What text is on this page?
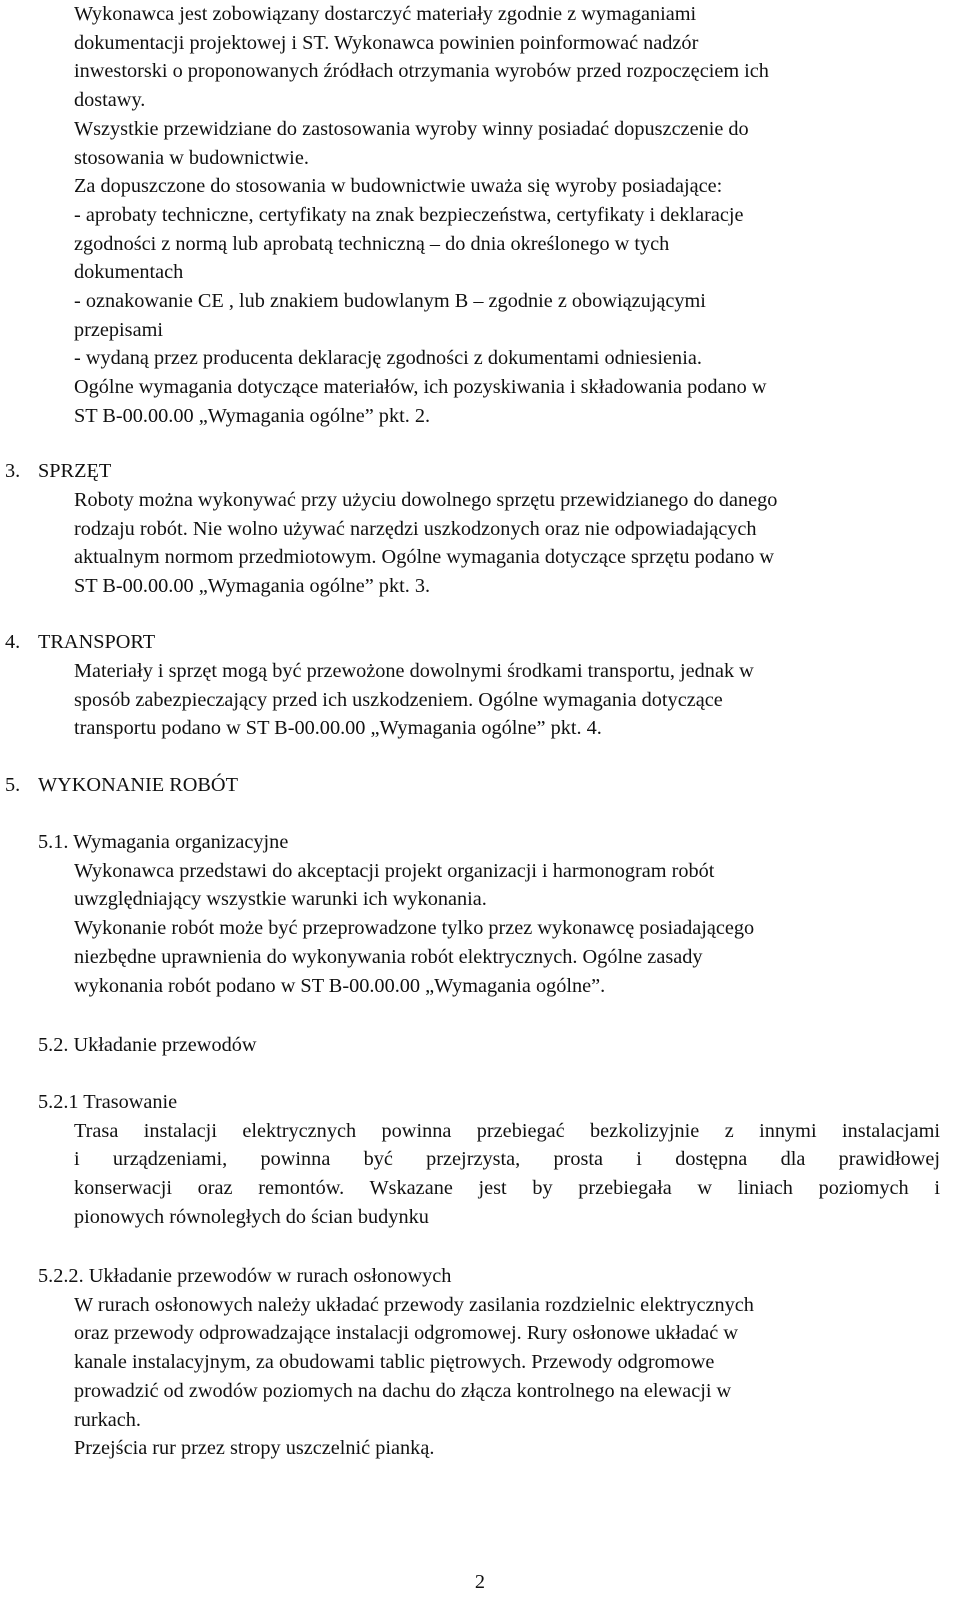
Wykonawca jest zobowiązany dostarczyć materiały zgodnie z wymaganiami
dokumentacji projektowej i ST. Wykonawca powinien poinformować nadzór
inwestorski o proponowanych źródłach otrzymania wyrobów przed rozpoczęciem ich
dostawy.
Wszystkie przewidziane do zastosowania wyroby winny posiadać dopuszczenie do
stosowania w budownictwie.
Za dopuszczone do stosowania w budownictwie uważa się wyroby posiadające:
- aprobaty techniczne, certyfikaty na znak bezpieczeństwa, certyfikaty i deklaracje
zgodności z normą lub aprobatą techniczną – do dnia określonego w tych
dokumentach
- oznakowanie CE , lub znakiem budowlanym B – zgodnie z obowiązującymi
przepisami
- wydaną przez producenta deklarację zgodności z dokumentami odniesienia.
Ogólne wymagania dotyczące materiałów, ich pozyskiwania i składowania podano w
ST B-00.00.00 „Wymagania ogólne” pkt. 2.
3. SPRZĘT
Roboty można wykonywać przy użyciu dowolnego sprzętu przewidzianego do danego
rodzaju robót. Nie wolno używać narzędzi uszkodzonych oraz nie odpowiadających
aktualnym normom przedmiotowym. Ogólne wymagania dotyczące sprzętu podano w
ST B-00.00.00 „Wymagania ogólne” pkt. 3.
4. TRANSPORT
Materiały i sprzęt mogą być przewożone dowolnymi środkami transportu, jednak w
sposób zabezpieczający przed ich uszkodzeniem. Ogólne wymagania dotyczące
transportu podano w ST B-00.00.00 „Wymagania ogólne” pkt. 4.
5. WYKONANIE ROBÓT
5.1. Wymagania organizacyjne
Wykonawca przedstawi do akceptacji projekt organizacji i harmonogram robót
uwzględniający wszystkie warunki ich wykonania.
Wykonanie robót może być przeprowadzone tylko przez wykonawcę posiadającego
niezbędne uprawnienia do wykonywania robót elektrycznych. Ogólne zasady
wykonania robót podano w ST B-00.00.00 „Wymagania ogólne”.
5.2. Układanie przewodów
5.2.1 Trasowanie
Trasa instalacji elektrycznych powinna przebiegać bezkolizyjnie z innymi instalacjami
i urządzeniami, powinna być przejrzysta, prosta i dostępna dla prawidłowej
konserwacji oraz remontów. Wskazane jest by przebiegała w liniach poziomych i
pionowych równoległych do ścian budynku
5.2.2. Układanie przewodów w rurach osłonowych
W rurach osłonowych należy układać przewody zasilania rozdzielnic elektrycznych
oraz przewody odprowadzające instalacji odgromowej. Rury osłonowe układać w
kanale instalacyjnym, za obudowami tablic piętrowych. Przewody odgromowe
prowadzić od zwodów poziomych na dachu do złącza kontrolnego na elewacji w
rurkach.
Przejścia rur przez stropy uszczelnić pianką.
2
